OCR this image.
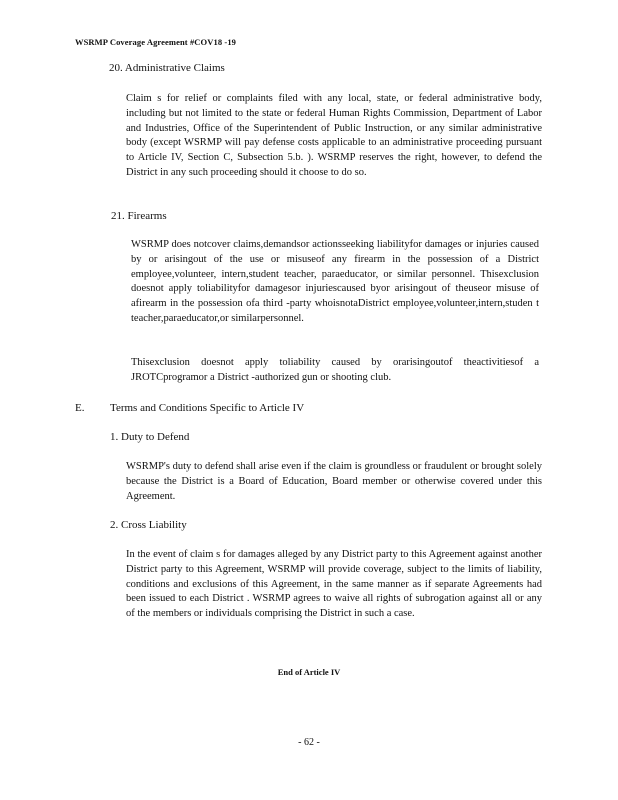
WSRMP Coverage Agreement #COV18 -19
20. Administrative Claims

Claim s for relief or complaints filed with any local, state, or federal administrative body, including but not limited to the state or federal Human Rights Commission, Department of Labor and Industries, Office of the Superintendent of Public Instruction, or any similar administrative body (except WSRMP will pay defense costs applicable to an administrative proceeding pursuant to Article IV, Section C, Subsection 5.b. ). WSRMP reserves the right, however, to defend the District in any such proceeding should it choose to do so.

21. Firearms

WSRMP does notcover claims,demandsor actionsseeking liabilityfor damages or injuries caused by or arisingout of the use or misuseof any firearm in the possession of a District employee,volunteer, intern,student teacher, paraeducator, or similar personnel. Thisexclusion doesnot apply toliabilityfor damagesor injuriescaused byor arisingout of theuseor misuse of afirearm in the possession ofa third -party whoisnotaDistrict employee,volunteer,intern,studen t teacher,paraeducator,or similarpersonnel.

Thisexclusion doesnot apply toliability caused by orarisingoutof theactivitiesof a JROTCprogramor a District -authorized gun or shooting club.

E. Terms and Conditions Specific to Article IV
1. Duty to Defend

WSRMP's duty to defend shall arise even if the claim is groundless or fraudulent or brought solely because the District is a Board of Education, Board member or otherwise covered under this Agreement.

2. Cross Liability

In the event of claim s for damages alleged by any District party to this Agreement against another District party to this Agreement, WSRMP will provide coverage, subject to the limits of liability, conditions and exclusions of this Agreement, in the same manner as if separate Agreements had been issued to each District . WSRMP agrees to waive all rights of subrogation against all or any of the members or individuals comprising the District in such a case.

End of Article IV
- 62 -
